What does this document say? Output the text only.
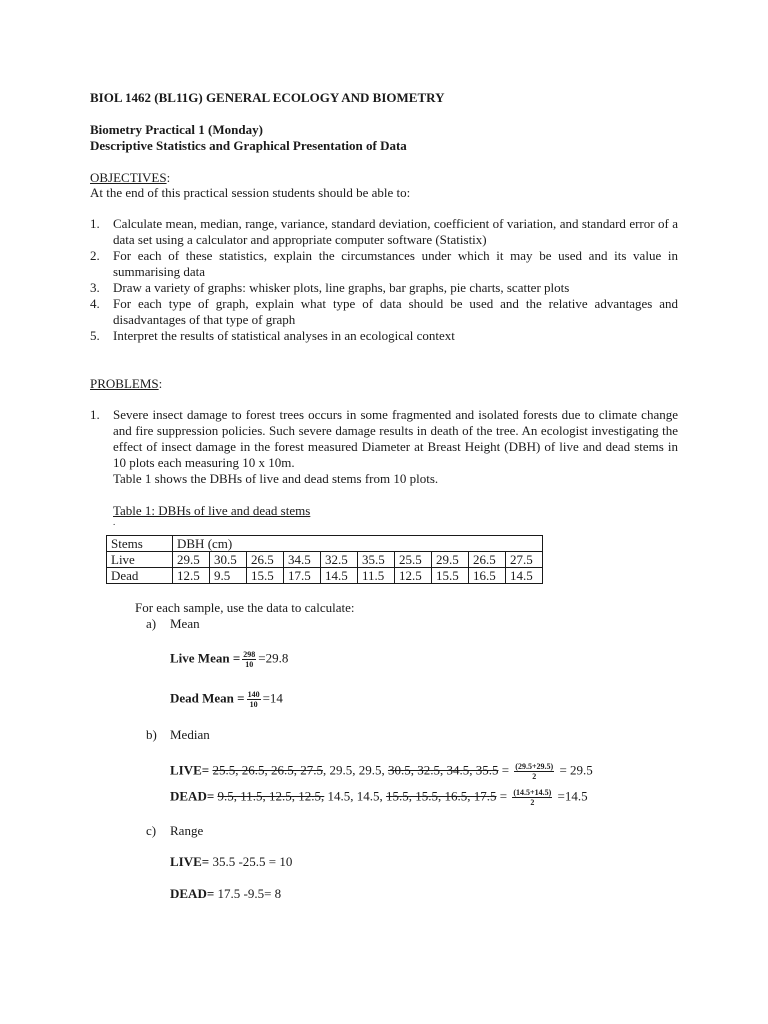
BIOL 1462 (BL11G) GENERAL ECOLOGY AND BIOMETRY
Biometry Practical 1 (Monday)
Descriptive Statistics and Graphical Presentation of Data
OBJECTIVES:
At the end of this practical session students should be able to:
1. Calculate mean, median, range, variance, standard deviation, coefficient of variation, and standard error of a data set using a calculator and appropriate computer software (Statistix)
2. For each of these statistics, explain the circumstances under which it may be used and its value in summarising data
3. Draw a variety of graphs: whisker plots, line graphs, bar graphs, pie charts, scatter plots
4. For each type of graph, explain what type of data should be used and the relative advantages and disadvantages of that type of graph
5. Interpret the results of statistical analyses in an ecological context
PROBLEMS:
1. Severe insect damage to forest trees occurs in some fragmented and isolated forests due to climate change and fire suppression policies. Such severe damage results in death of the tree. An ecologist investigating the effect of insect damage in the forest measured Diameter at Breast Height (DBH) of live and dead stems in 10 plots each measuring 10 x 10m.
Table 1 shows the DBHs of live and dead stems from 10 plots.
Table 1: DBHs of live and dead stems
.
Stems	DBH (cm)									
Live	29.5	30.5	26.5	34.5	32.5	35.5	25.5	29.5	26.5	27.5
Dead	12.5	9.5	15.5	17.5	14.5	11.5	12.5	15.5	16.5	14.5
For each sample, use the data to calculate:
a) Mean
Live Mean = $\frac{298}{10} =29.8$
Dead Mean = $\frac{140}{10} =14$
b) Median
LIVE= 25.5, 26.5, 26.5, 27.5, 29.5, 29.5, 30.5, 32.5, 34.5, $35.5 = \frac{(29.5+29.5)}{2} = 29.5$
DEAD= 9.5, 11.5, 12.5, 12.5, 14.5, 14.5, 15.5, 15.5, 16.5, $17.5 = \frac{(14.5+14.5)}{2} =14.5$
c) Range
LIVE= 35.5 -25.5 = 10
DEAD= 17.5 -9.5= 8
